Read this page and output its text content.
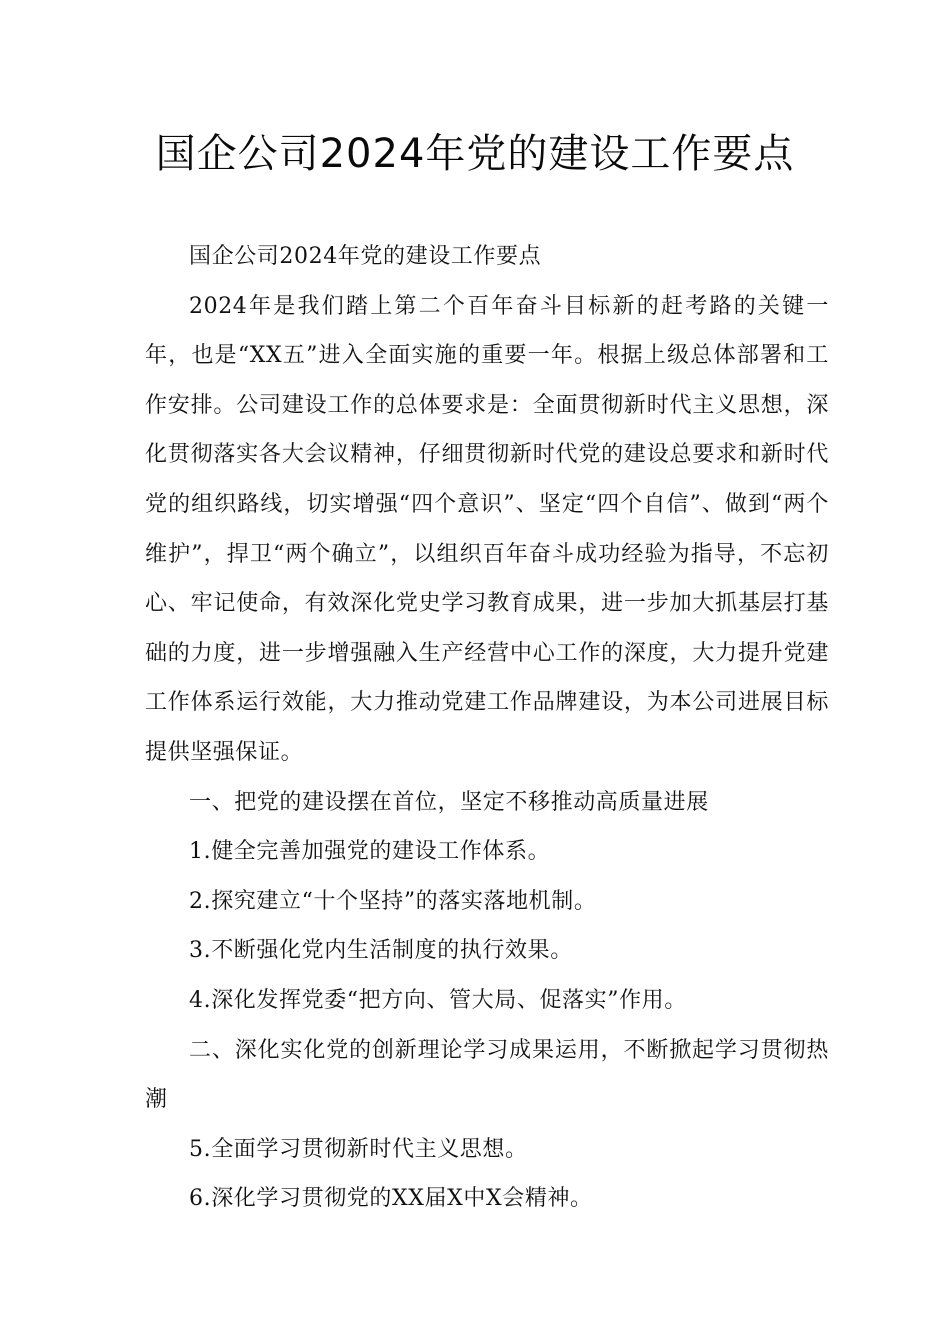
国企公司2024年党的建设工作要点

国企公司2024年党的建设工作要点

2024年是我们踏上第二个百年奋斗目标新的赶考路的关键一年，也是“XX五”进入全面实施的重要一年。根据上级总体部署和工作安排。公司建设工作的总体要求是：全面贯彻新时代主义思想，深化贯彻落实各大会议精神，仔细贯彻新时代党的建设总要求和新时代党的组织路线，切实增强“四个意识”、坚定“四个自信”、做到“两个维护”，捍卫“两个确立”，以组织百年奋斗成功经验为指导，不忘初心、牢记使命，有效深化党史学习教育成果，进一步加大抓基层打基础的力度，进一步增强融入生产经营中心工作的深度，大力提升党建工作体系运行效能，大力推动党建工作品牌建设，为本公司进展目标提供坚强保证。

一、把党的建设摆在首位，坚定不移推动高质量进展

1.健全完善加强党的建设工作体系。

2.探究建立“十个坚持”的落实落地机制。

3.不断强化党内生活制度的执行效果。

4.深化发挥党委“把方向、管大局、促落实”作用。

二、深化实化党的创新理论学习成果运用，不断掀起学习贯彻热潮

5.全面学习贯彻新时代主义思想。

6.深化学习贯彻党的XX届X中X会精神。
